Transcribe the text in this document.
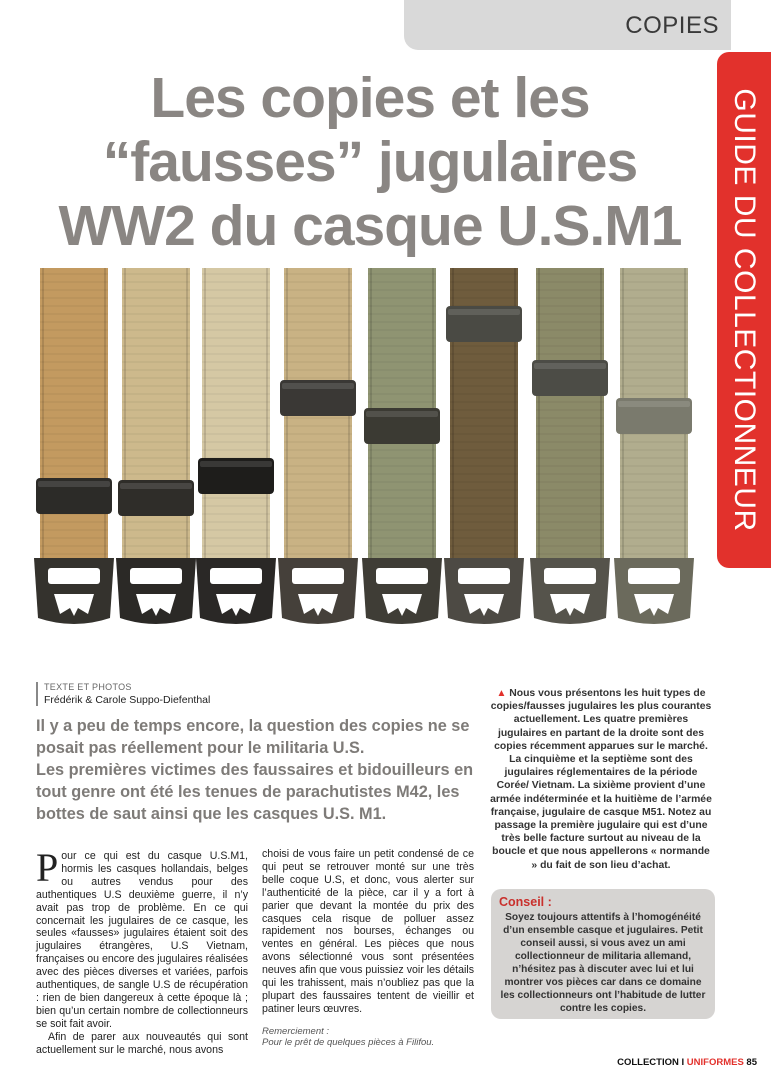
COPIES
GUIDE DU COLLECTIONNEUR
Les copies et les
“fausses” jugulaires
WW2 du casque U.S.M1
TEXTE ET PHOTOS
Frédérik & Carole Suppo-Diefenthal

Il y a peu de temps encore, la question des copies ne se posait pas réellement pour le militaria U.S.

Les premières victimes des faussaires et bidouilleurs en tout genre ont été les tenues de parachutistes M42, les bottes de saut ainsi que les casques U.S. M1.

Pour ce qui est du casque U.S.M1, hormis les casques hollandais, belges ou autres vendus pour des authentiques U.S deuxième guerre, il n’y avait pas trop de problème. En ce qui concernait les jugulaires de ce casque, les seules «fausses» jugulaires étaient soit des jugulaires étrangères, U.S Vietnam, françaises ou encore des jugulaires réalisées avec des pièces diverses et variées, parfois authentiques, de sangle U.S de récupération : rien de bien dangereux à cette époque là ; bien qu’un certain nombre de collectionneurs se soit fait avoir.

Afin de parer aux nouveautés qui sont actuellement sur le marché, nous avons

choisi de vous faire un petit condensé de ce qui peut se retrouver monté sur une très belle coque U.S, et donc, vous alerter sur l’authenticité de la pièce, car il y a fort à parier que devant la montée du prix des casques cela risque de polluer assez rapidement nos bourses, échanges ou ventes en général. Les pièces que nous avons sélectionné vous sont présentées neuves afin que vous puissiez voir les détails qui les trahissent, mais n’oubliez pas que la plupart des faussaires tentent de vieillir et patiner leurs œuvres.

Remerciement :
Pour le prêt de quelques pièces à Filifou.
▲ Nous vous présentons les huit types de copies/fausses jugulaires les plus courantes actuellement. Les quatre premières jugulaires en partant de la droite sont des copies récemment apparues sur le marché. La cinquième et la septième sont des jugulaires réglementaires de la période Corée/ Vietnam. La sixième provient d’une armée indéterminée et la huitième de l’armée française, jugulaire de casque M51. Notez au passage la première jugulaire qui est d’une très belle facture surtout au niveau de la boucle et que nous appellerons « normande » du fait de son lieu d’achat.
Conseil :
Soyez toujours attentifs à l’homogénéité d’un ensemble casque et jugulaires. Petit conseil aussi, si vous avez un ami collectionneur de militaria allemand, n’hésitez pas à discuter avec lui et lui montrer vos pièces car dans ce domaine les collectionneurs ont l’habitude de lutter contre les copies.
COLLECTION I UNIFORMES 85
